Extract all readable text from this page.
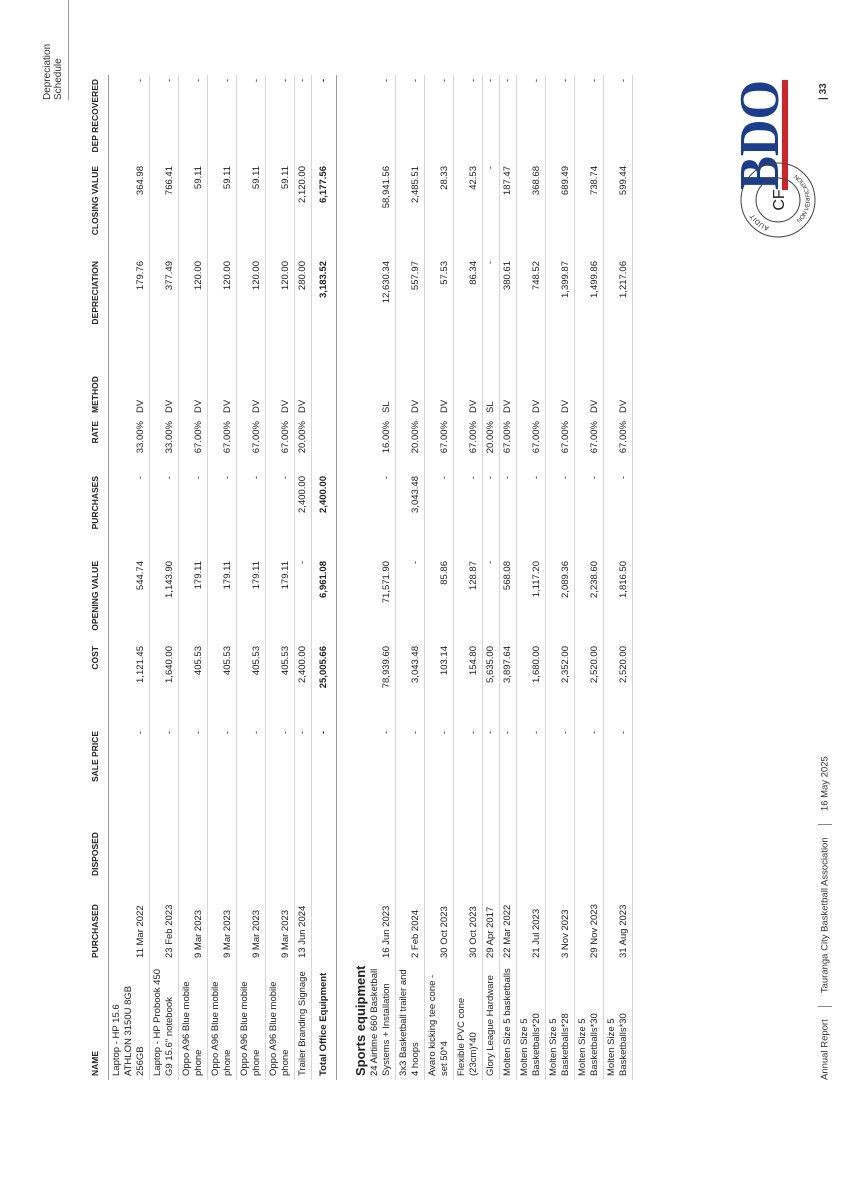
Depreciation Schedule	BDO
AUDIT
CF
NON VERIFICATION
NAME	PURCHASED	DISPOSED	SALE PRICE	COST	OPENING VALUE	PURCHASES	RATE	METHOD	DEPRECIATION	CLOSING VALUE	DEP RECOVERED
Laptop - HP 15.6 ATHLON 3150U 8GB 256GB	11 Mar 2022		-	1,121.45	544.74	-	33.00%	DV	179.76	364.98	-
Laptop - HP Probook 450 G9 15.6" notebook	23 Feb 2023		-	1,640.00	1,143.90	-	33.00%	DV	377.49	766.41	-
Oppo A96 Blue mobile phone	9 Mar 2023		-	405.53	179.11	-	67.00%	DV	120.00	59.11	-
Oppo A96 Blue mobile phone	9 Mar 2023		-	405.53	179.11	-	67.00%	DV	120.00	59.11	-
Oppo A96 Blue mobile phone	9 Mar 2023		-	405.53	179.11	-	67.00%	DV	120.00	59.11	-
Oppo A96 Blue mobile phone	9 Mar 2023		-	405.53	179.11	-	67.00%	DV	120.00	59.11	-
Trailer Branding Signage	13 Jun 2024		-	2,400.00	-	2,400.00	20.00%	DV	280.00	2,120.00	-
Total Office Equipment			-	25,005.66	6,961.08	2,400.00			3,183.52	6,177.56	-
Sports equipment											
24 Airtime 660 Basketball Systems + Installation	16 Jun 2023		-	78,939.60	71,571.90	-	16.00%	SL	12,630.34	58,941.56	-
3x3 Basketball trailer and 4 hoops	2 Feb 2024		-	3,043.48	-	3,043.48	20.00%	DV	557.97	2,485.51	-
Avaro kicking tee cone - set 50*4	30 Oct 2023		-	103.14	85.86	-	67.00%	DV	57.53	28.33	-
Flexible PVC cone (23cm)*40	30 Oct 2023		-	154.80	128.87	-	67.00%	DV	86.34	42.53	-
Glory League Hardware	29 Apr 2017		-	5,635.00	-	-	20.00%	SL	-	-	-
Molten Size 5 basketballs	22 Mar 2022		-	3,897.64	568.08	-	67.00%	DV	380.61	187.47	-
Molten Size 5 Basketballs*20	21 Jul 2023		-	1,680.00	1,117.20	-	67.00%	DV	748.52	368.68	-
Molten Size 5 Basketballs*28	3 Nov 2023		-	2,352.00	2,089.36	-	67.00%	DV	1,399.87	689.49	-
Molten Size 5 Basketballs*30	29 Nov 2023		-	2,520.00	2,238.60	-	67.00%	DV	1,499.86	738.74	-
Molten Size 5 Basketballs*30	31 Aug 2023		-	2,520.00	1,816.50	-	67.00%	DV	1,217.06	599.44	-
Annual Report  Tauranga City Basketball Association  16 May 2025
| 33
